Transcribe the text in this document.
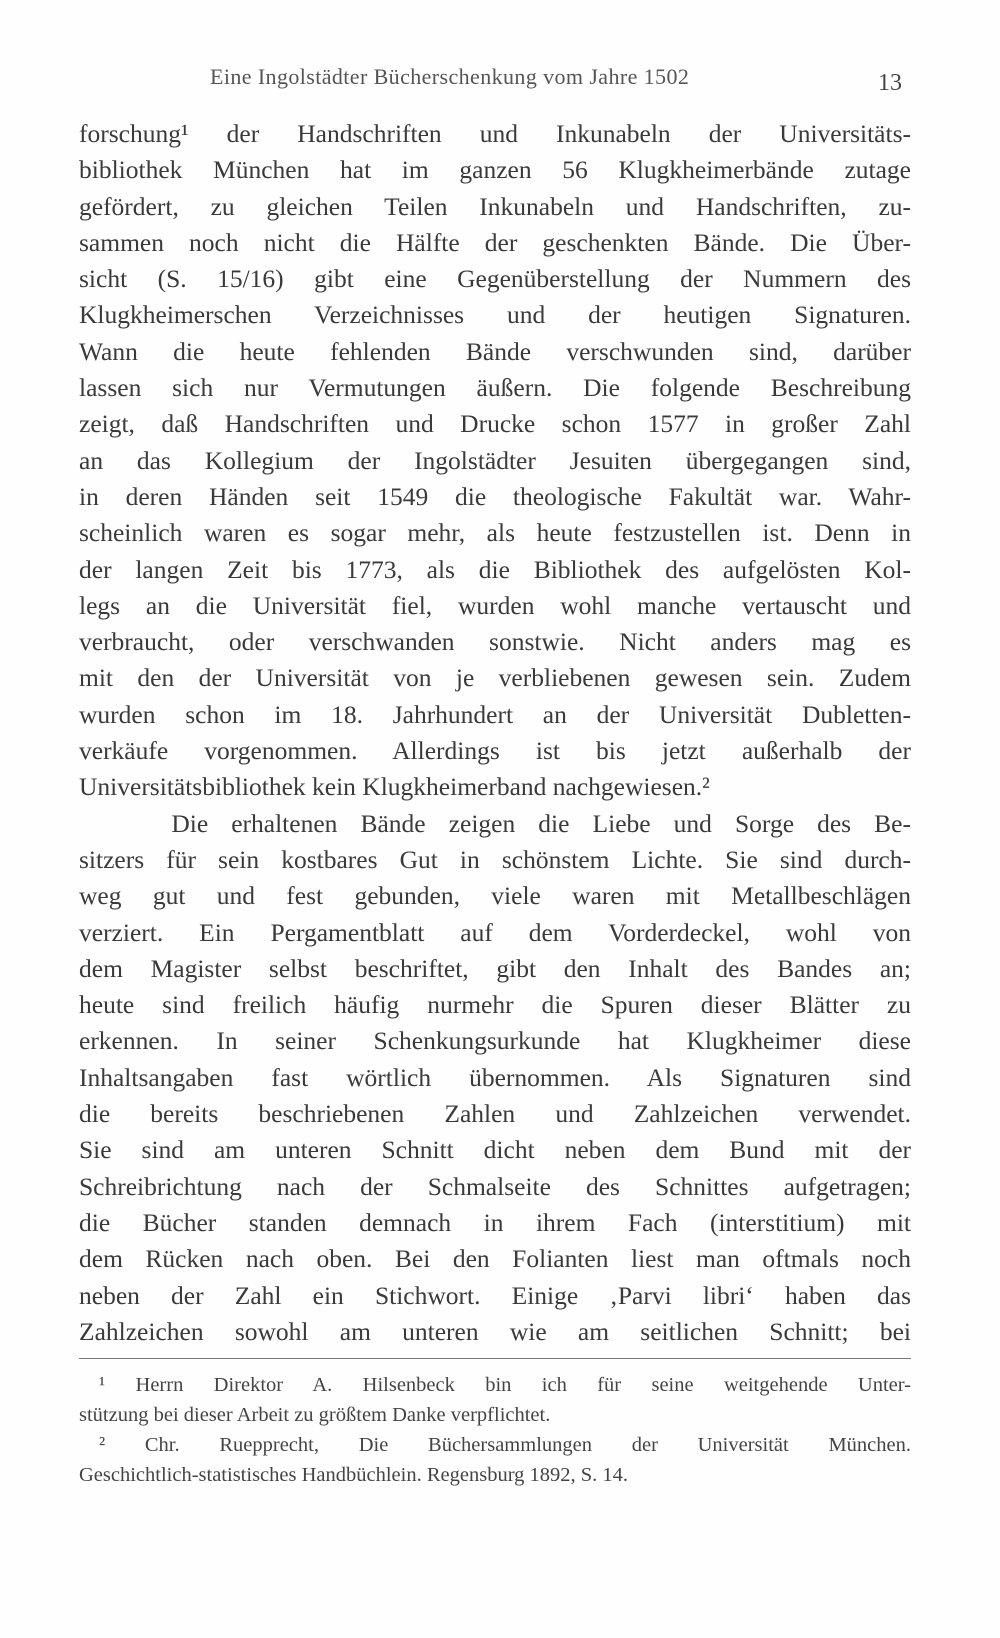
Eine Ingolstädter Bücherschenkung vom Jahre 1502	13
forschung¹ der Handschriften und Inkunabeln der Universitäts-
bibliothek München hat im ganzen 56 Klugkheimerbände zutage
gefördert, zu gleichen Teilen Inkunabeln und Handschriften, zu-
sammen noch nicht die Hälfte der geschenkten Bände. Die Über-
sicht (S. 15/16) gibt eine Gegenüberstellung der Nummern des
Klugkheimerschen Verzeichnisses und der heutigen Signaturen.
Wann die heute fehlenden Bände verschwunden sind, darüber
lassen sich nur Vermutungen äußern. Die folgende Beschreibung
zeigt, daß Handschriften und Drucke schon 1577 in großer Zahl
an das Kollegium der Ingolstädter Jesuiten übergegangen sind,
in deren Händen seit 1549 die theologische Fakultät war. Wahr-
scheinlich waren es sogar mehr, als heute festzustellen ist. Denn in
der langen Zeit bis 1773, als die Bibliothek des aufgelösten Kol-
legs an die Universität fiel, wurden wohl manche vertauscht und
verbraucht, oder verschwanden sonstwie. Nicht anders mag es
mit den der Universität von je verbliebenen gewesen sein. Zudem
wurden schon im 18. Jahrhundert an der Universität Dubletten-
verkäufe vorgenommen. Allerdings ist bis jetzt außerhalb der
Universitätsbibliothek kein Klugkheimerband nachgewiesen.²
Die erhaltenen Bände zeigen die Liebe und Sorge des Be-
sitzers für sein kostbares Gut in schönstem Lichte. Sie sind durch-
weg gut und fest gebunden, viele waren mit Metallbeschlägen
verziert. Ein Pergamentblatt auf dem Vorderdeckel, wohl von
dem Magister selbst beschriftet, gibt den Inhalt des Bandes an;
heute sind freilich häufig nurmehr die Spuren dieser Blätter zu
erkennen. In seiner Schenkungsurkunde hat Klugkheimer diese
Inhaltsangaben fast wörtlich übernommen. Als Signaturen sind
die bereits beschriebenen Zahlen und Zahlzeichen verwendet.
Sie sind am unteren Schnitt dicht neben dem Bund mit der
Schreibrichtung nach der Schmalseite des Schnittes aufgetragen;
die Bücher standen demnach in ihrem Fach (interstitium) mit
dem Rücken nach oben. Bei den Folianten liest man oftmals noch
neben der Zahl ein Stichwort. Einige ‚Parvi libri‘ haben das
Zahlzeichen sowohl am unteren wie am seitlichen Schnitt; bei
¹ Herrn Direktor A. Hilsenbeck bin ich für seine weitgehende Unter-
stützung bei dieser Arbeit zu größtem Danke verpflichtet.
² Chr. Ruepprecht, Die Büchersammlungen der Universität München.
Geschichtlich-statistisches Handbüchlein. Regensburg 1892, S. 14.
